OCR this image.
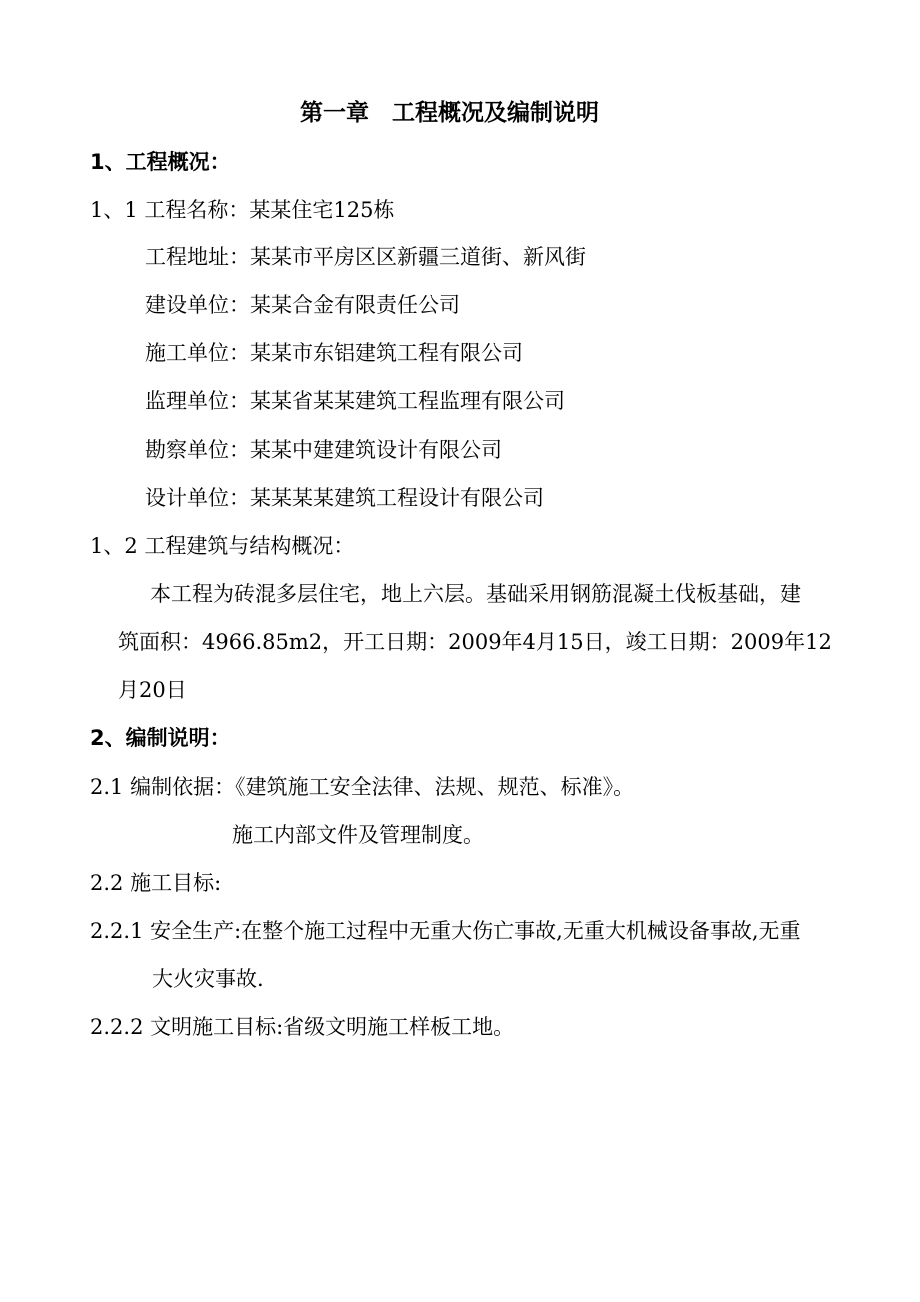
第一章　工程概况及编制说明
1、工程概况：
1、1 工程名称：某某住宅125栋
工程地址：某某市平房区区新疆三道街、新风街
建设单位：某某合金有限责任公司
施工单位：某某市东铝建筑工程有限公司
监理单位：某某省某某建筑工程监理有限公司
勘察单位：某某中建建筑设计有限公司
设计单位：某某某某建筑工程设计有限公司
1、2 工程建筑与结构概况：
本工程为砖混多层住宅，地上六层。基础采用钢筋混凝土伐板基础，建
筑面积：4966.85m2，开工日期：2009年4月15日，竣工日期：2009年12
月20日
2、编制说明：
2.1 编制依据：《建筑施工安全法律、法规、规范、标准》。
施工内部文件及管理制度。
2.2 施工目标:
2.2.1 安全生产:在整个施工过程中无重大伤亡事故,无重大机械设备事故,无重
大火灾事故.
2.2.2 文明施工目标:省级文明施工样板工地。
